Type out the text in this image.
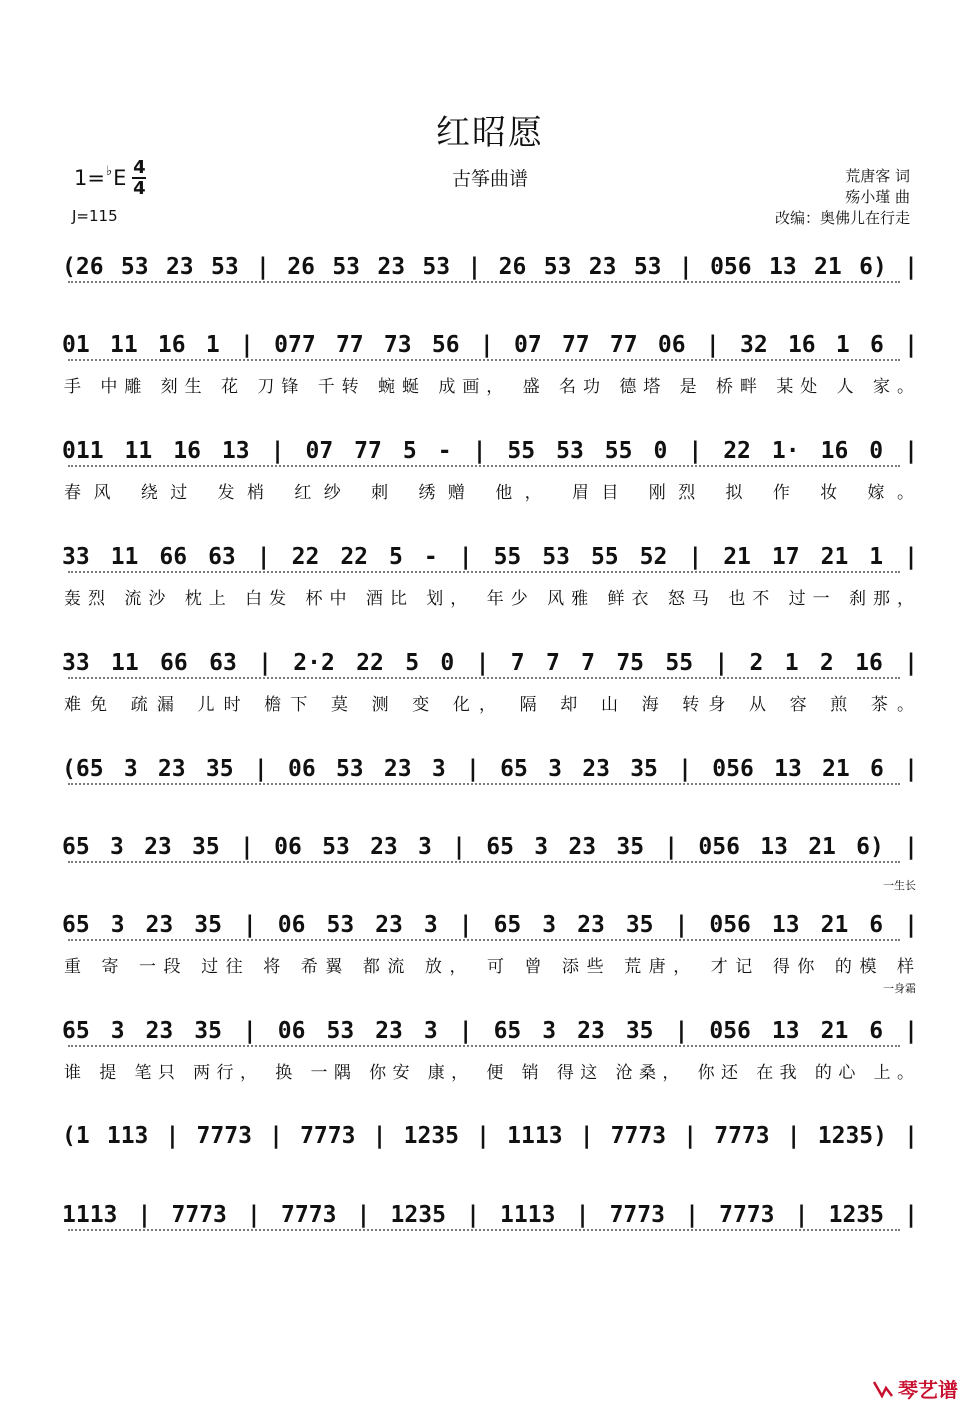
红昭愿
古筝曲谱
1= ♭ E $\frac{4}{4}$
J=115
荒唐客 词
殇小瑾 曲
改编：奥佛儿在行走
(26 53 23 53 | 26 53 23 53 | 26 53 23 53 | 056 13 21 6) |
01 11 16 1 | 077 77 73 56 | 07 77 77 06 | 32 16 1 6 |
手 中雕 刻生 花 刀锋 千转 蜿蜒 成画， 盛 名功 德塔 是 桥畔 某处 人 家。
011 11 16 13 | 07 77 5 - | 55 53 55 0 | 22 1· 16 0 |
春风 绕过 发梢 红纱 刺 绣赠 他， 眉目 刚烈 拟 作 妆 嫁。
33 11 66 63 | 22 22 5 - | 55 53 55 52 | 21 17 21 1 |
轰烈 流沙 枕上 白发 杯中 酒比 划， 年少 风雅 鲜衣 怒马 也不 过一 刹那，
33 11 66 63 | 2·2 22 5 0 | 7 7 7 75 55 | 2 1 2 16 |
难免 疏漏 儿时 檐下 莫 测 变 化， 隔 却 山 海 转身 从 容 煎 茶。
(65 3 23 35 | 06 53 23 3 | 65 3 23 35 | 056 13 21 6 |
65 3 23 35 | 06 53 23 3 | 65 3 23 35 | 056 13 21 6) |
一生长
65 3 23 35 | 06 53 23 3 | 65 3 23 35 | 056 13 21 6 |
重 寄 一段 过往 将 希翼 都流 放， 可 曾 添些 荒唐， 才记 得你 的模 样
一身霜
65 3 23 35 | 06 53 23 3 | 65 3 23 35 | 056 13 21 6 |
谁 提 笔只 两行， 换 一隅 你安 康， 便 销 得这 沧桑， 你还 在我 的心 上。
(1 113 | 7773 | 7773 | 1235 | 1113 | 7773 | 7773 | 1235) |
1113 | 7773 | 7773 | 1235 | 1113 | 7773 | 7773 | 1235 |
琴艺谱
